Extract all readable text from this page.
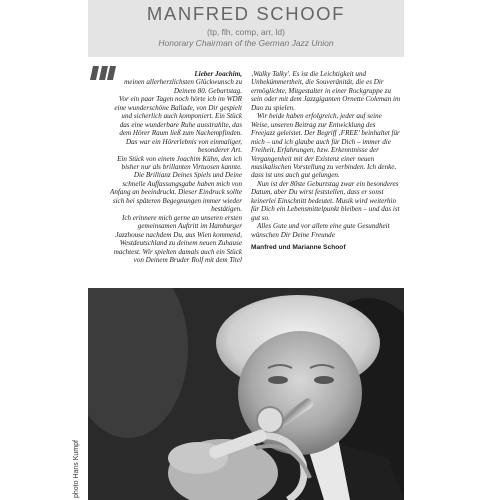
MANFRED SCHOOF
(tp, flh, comp, arr, ld)
Honorary Chairman of the German Jazz Union

Lieber Joachim,

meinen allerherzlichsten Glückwunsch zu Deinem 80. Geburtstag.

Vor ein paar Tagen noch hörte ich im WDR eine wunderschöne Ballade, von Dir gespielt und sicherlich auch komponiert. Ein Stück das eine wunderbare Ruhe ausstrahlte, das dem Hörer Raum ließ zum Nachempfinden. Das war ein Hörerlebnis von einmaliger, besonderer Art.

Ein Stück von einem Joachim Kühn, den ich bisher nur als brillanten Virtuosen kannte. Die Brillianz Deines Spiels und Deine schnelle Auffassungsgabe haben mich von Anfang an beeindruckt. Dieser Eindruck sollte sich bei späteren Begegnungen immer wieder bestätigen.

Ich erinnere mich gerne an unseren ersten gemeinsamen Auftritt im Hamburger Jazzhouse nachdem Du, aus Wien kommend, Westdeutschland zu deinem neuen Zuhause machtest. Wir spielten damals auch ein Stück von Deinem Bruder Rolf mit dem Titel

‚Walky Talky'. Es ist die Leichtigkeit und Unbekümmertheit, die Souveränität, die es Dir ermöglichte, Mitgestalter in einer Rockgruppe zu sein oder mit dem Jazzgiganten Ornette Coleman im Duo zu spielen.

Wir beide haben erfolgreich, jeder auf seine Weise, unseren Beitrag zur Entwicklung des Freejazz geleistet. Der Begriff ‚FREE' beinhaltet für mich – und ich glaube auch für Dich – immer die Freiheit, Erfahrungen, bzw. Erkenntnisse der Vergangenheit mit der Existenz einer neuen musikalischen Vorstellung zu verbinden. Ich denke, dass ist uns auch gut gelungen.

Nun ist der 80ste Geburtstag zwar ein besonderes Datum, aber Du wirst feststellen, dass er sonst keinerlei Einschnitt bedeutet. Musik wird weiterhin für Dich ein Lebensmittelpunkt bleiben – und das ist gut so.

Alles Gute und vor allem eine gute Gesundheit wünschen Dir Deine Freunde

Manfred und Marianne Schoof

photo Hans Kumpf
